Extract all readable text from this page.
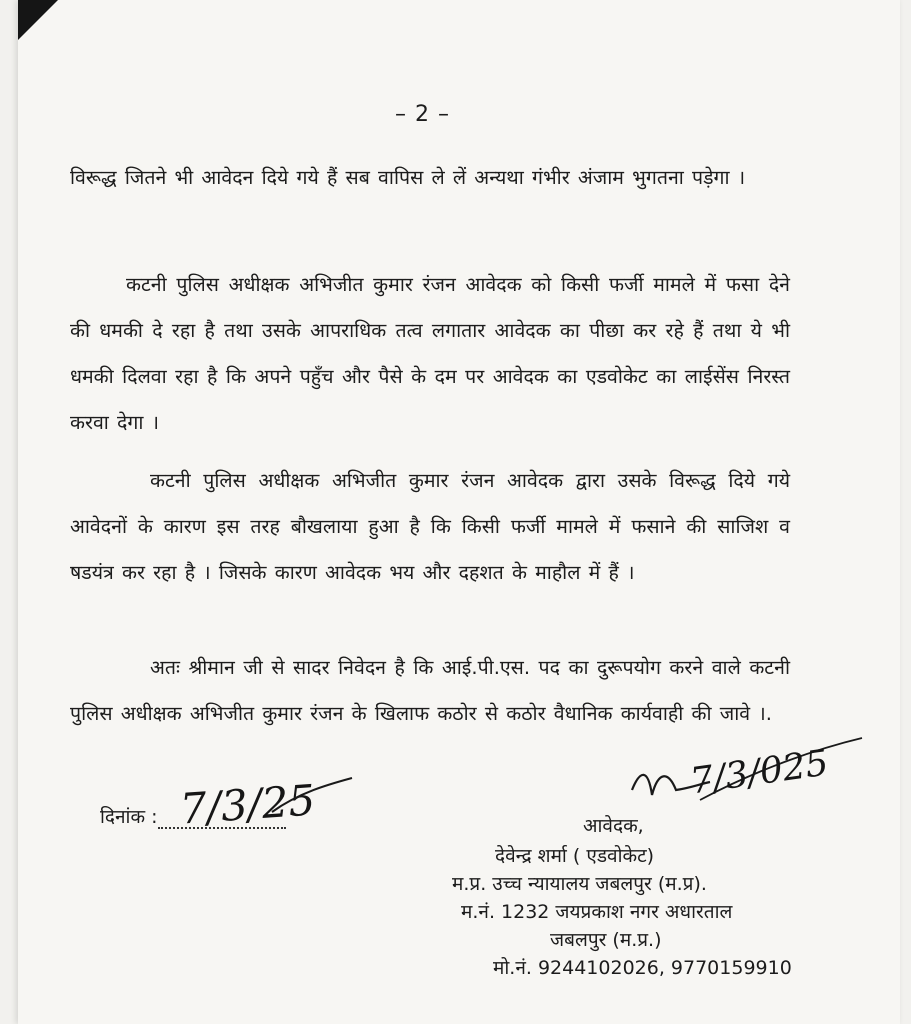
– 2 –

विरूद्ध जितने भी आवेदन दिये गये हैं सब वापिस ले लें अन्यथा गंभीर अंजाम भुगतना पड़ेगा ।

कटनी पुलिस अधीक्षक अभिजीत कुमार रंजन आवेदक को किसी फर्जी मामले में फसा देने की धमकी दे रहा है तथा उसके आपराधिक तत्व लगातार आवेदक का पीछा कर रहे हैं तथा ये भी धमकी दिलवा रहा है कि अपने पहुँच और पैसे के दम पर आवेदक का एडवोकेट का लाईसेंस निरस्त करवा देगा ।

कटनी पुलिस अधीक्षक अभिजीत कुमार रंजन आवेदक द्वारा उसके विरूद्ध दिये गये आवेदनों के कारण इस तरह बौखलाया हुआ है कि किसी फर्जी मामले में फसाने की साजिश व षडयंत्र कर रहा है । जिसके कारण आवेदक भय और दहशत के माहौल में हैं ।

अतः श्रीमान जी से सादर निवेदन है कि आई.पी.एस. पद का दुरूपयोग करने वाले कटनी पुलिस अधीक्षक अभिजीत कुमार रंजन के खिलाफ कठोर से कठोर वैधानिक कार्यवाही की जावे ।.

दिनांक : 7/3/25
7/3/025
आवेदक,
देवेन्द्र शर्मा ( एडवोकेट)
म.प्र. उच्च न्यायालय जबलपुर (म.प्र).
म.नं. 1232 जयप्रकाश नगर अधारताल
जबलपुर (म.प्र.)
मो.नं. 9244102026, 9770159910
